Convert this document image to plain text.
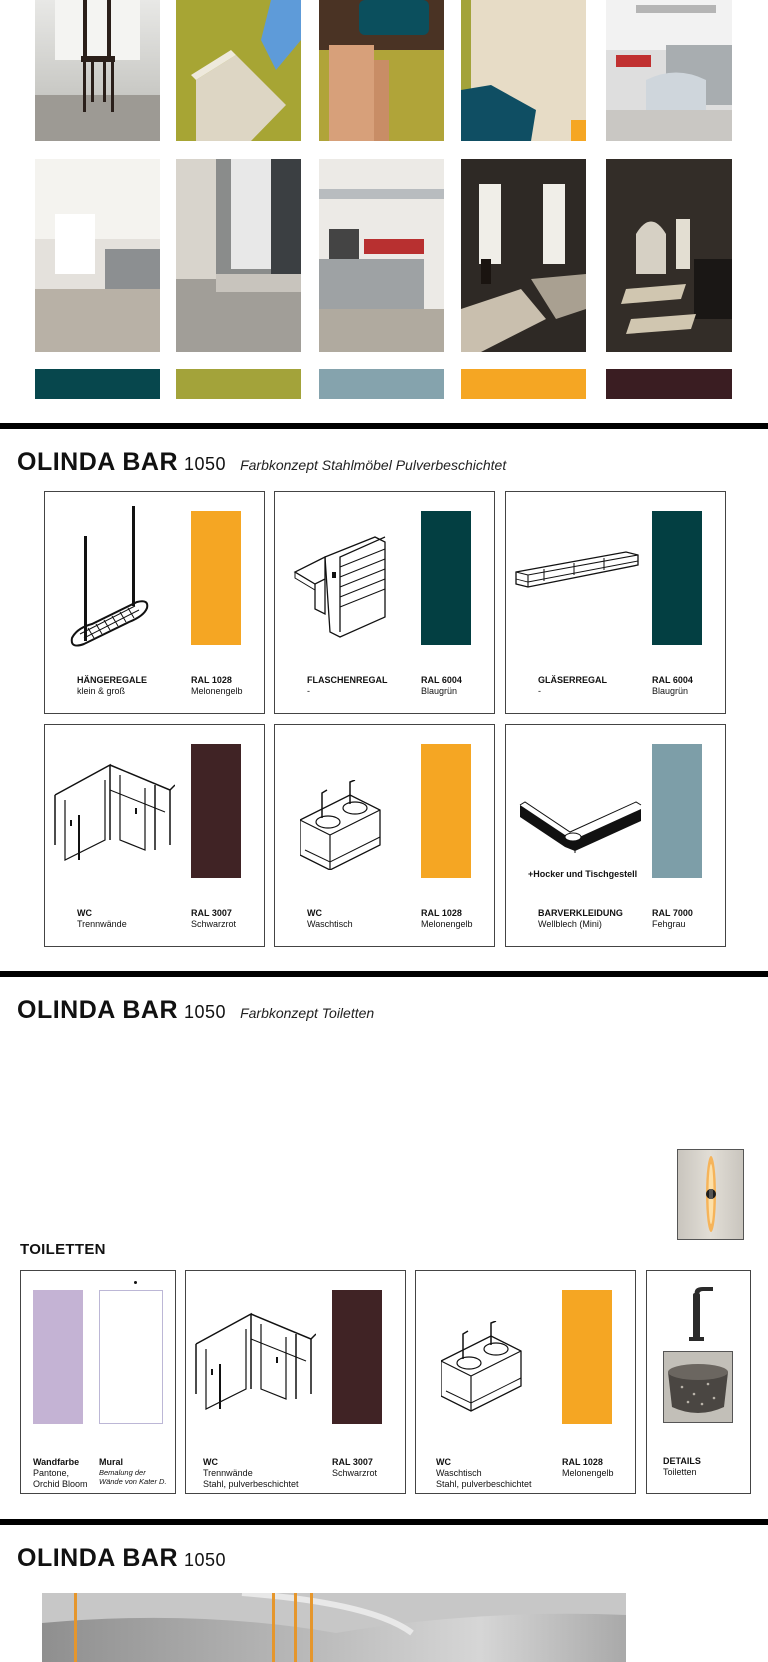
OLINDA BAR 1050 Farbkonzept Stahlmöbel Pulverbeschichtet
HÄNGEREGALE
klein & groß
RAL 1028
Melonengelb
FLASCHENREGAL
-
RAL 6004
Blaugrün
GLÄSERREGAL
-
RAL 6004
Blaugrün
WC
Trennwände
RAL 3007
Schwarzrot
WC
Waschtisch
RAL 1028
Melonengelb
+Hocker und Tischgestell
BARVERKLEIDUNG
Wellblech (Mini)
RAL 7000
Fehgrau
OLINDA BAR 1050 Farbkonzept Toiletten
TOILETTEN
Wandfarbe
Pantone,
Orchid Bloom
Mural
Bemalung der
Wände von Kater D.
WC
Trennwände
Stahl, pulverbeschichtet
RAL 3007
Schwarzrot
WC
Waschtisch
Stahl, pulverbeschichtet
RAL 1028
Melonengelb
DETAILS
Toiletten
OLINDA BAR 1050
